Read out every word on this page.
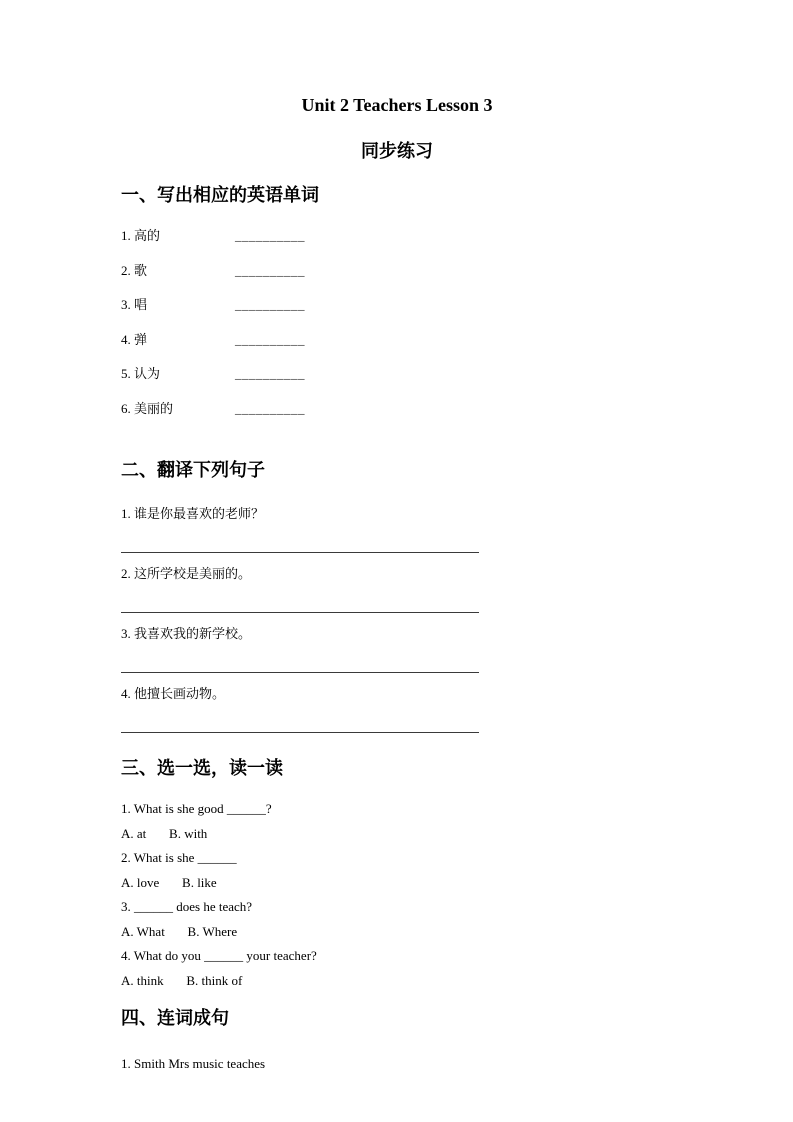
Unit 2 Teachers Lesson 3
同步练习
一、写出相应的英语单词
1. 高的	__________
2. 歌	__________
3. 唱	__________
4. 弹	__________
5. 认为	__________
6. 美丽的	__________
二、翻译下列句子
1. 谁是你最喜欢的老师？
2. 这所学校是美丽的。
3. 我喜欢我的新学校。
4. 他擅长画动物。
三、选一选，读一读
1. What is she good ______?
A. at       B. with
2. What is she ______
A. love       B. like
3. ______ does he teach?
A. What       B. Where
4. What do you ______ your teacher?
A. think       B. think of
四、连词成句
1. Smith Mrs music teaches
